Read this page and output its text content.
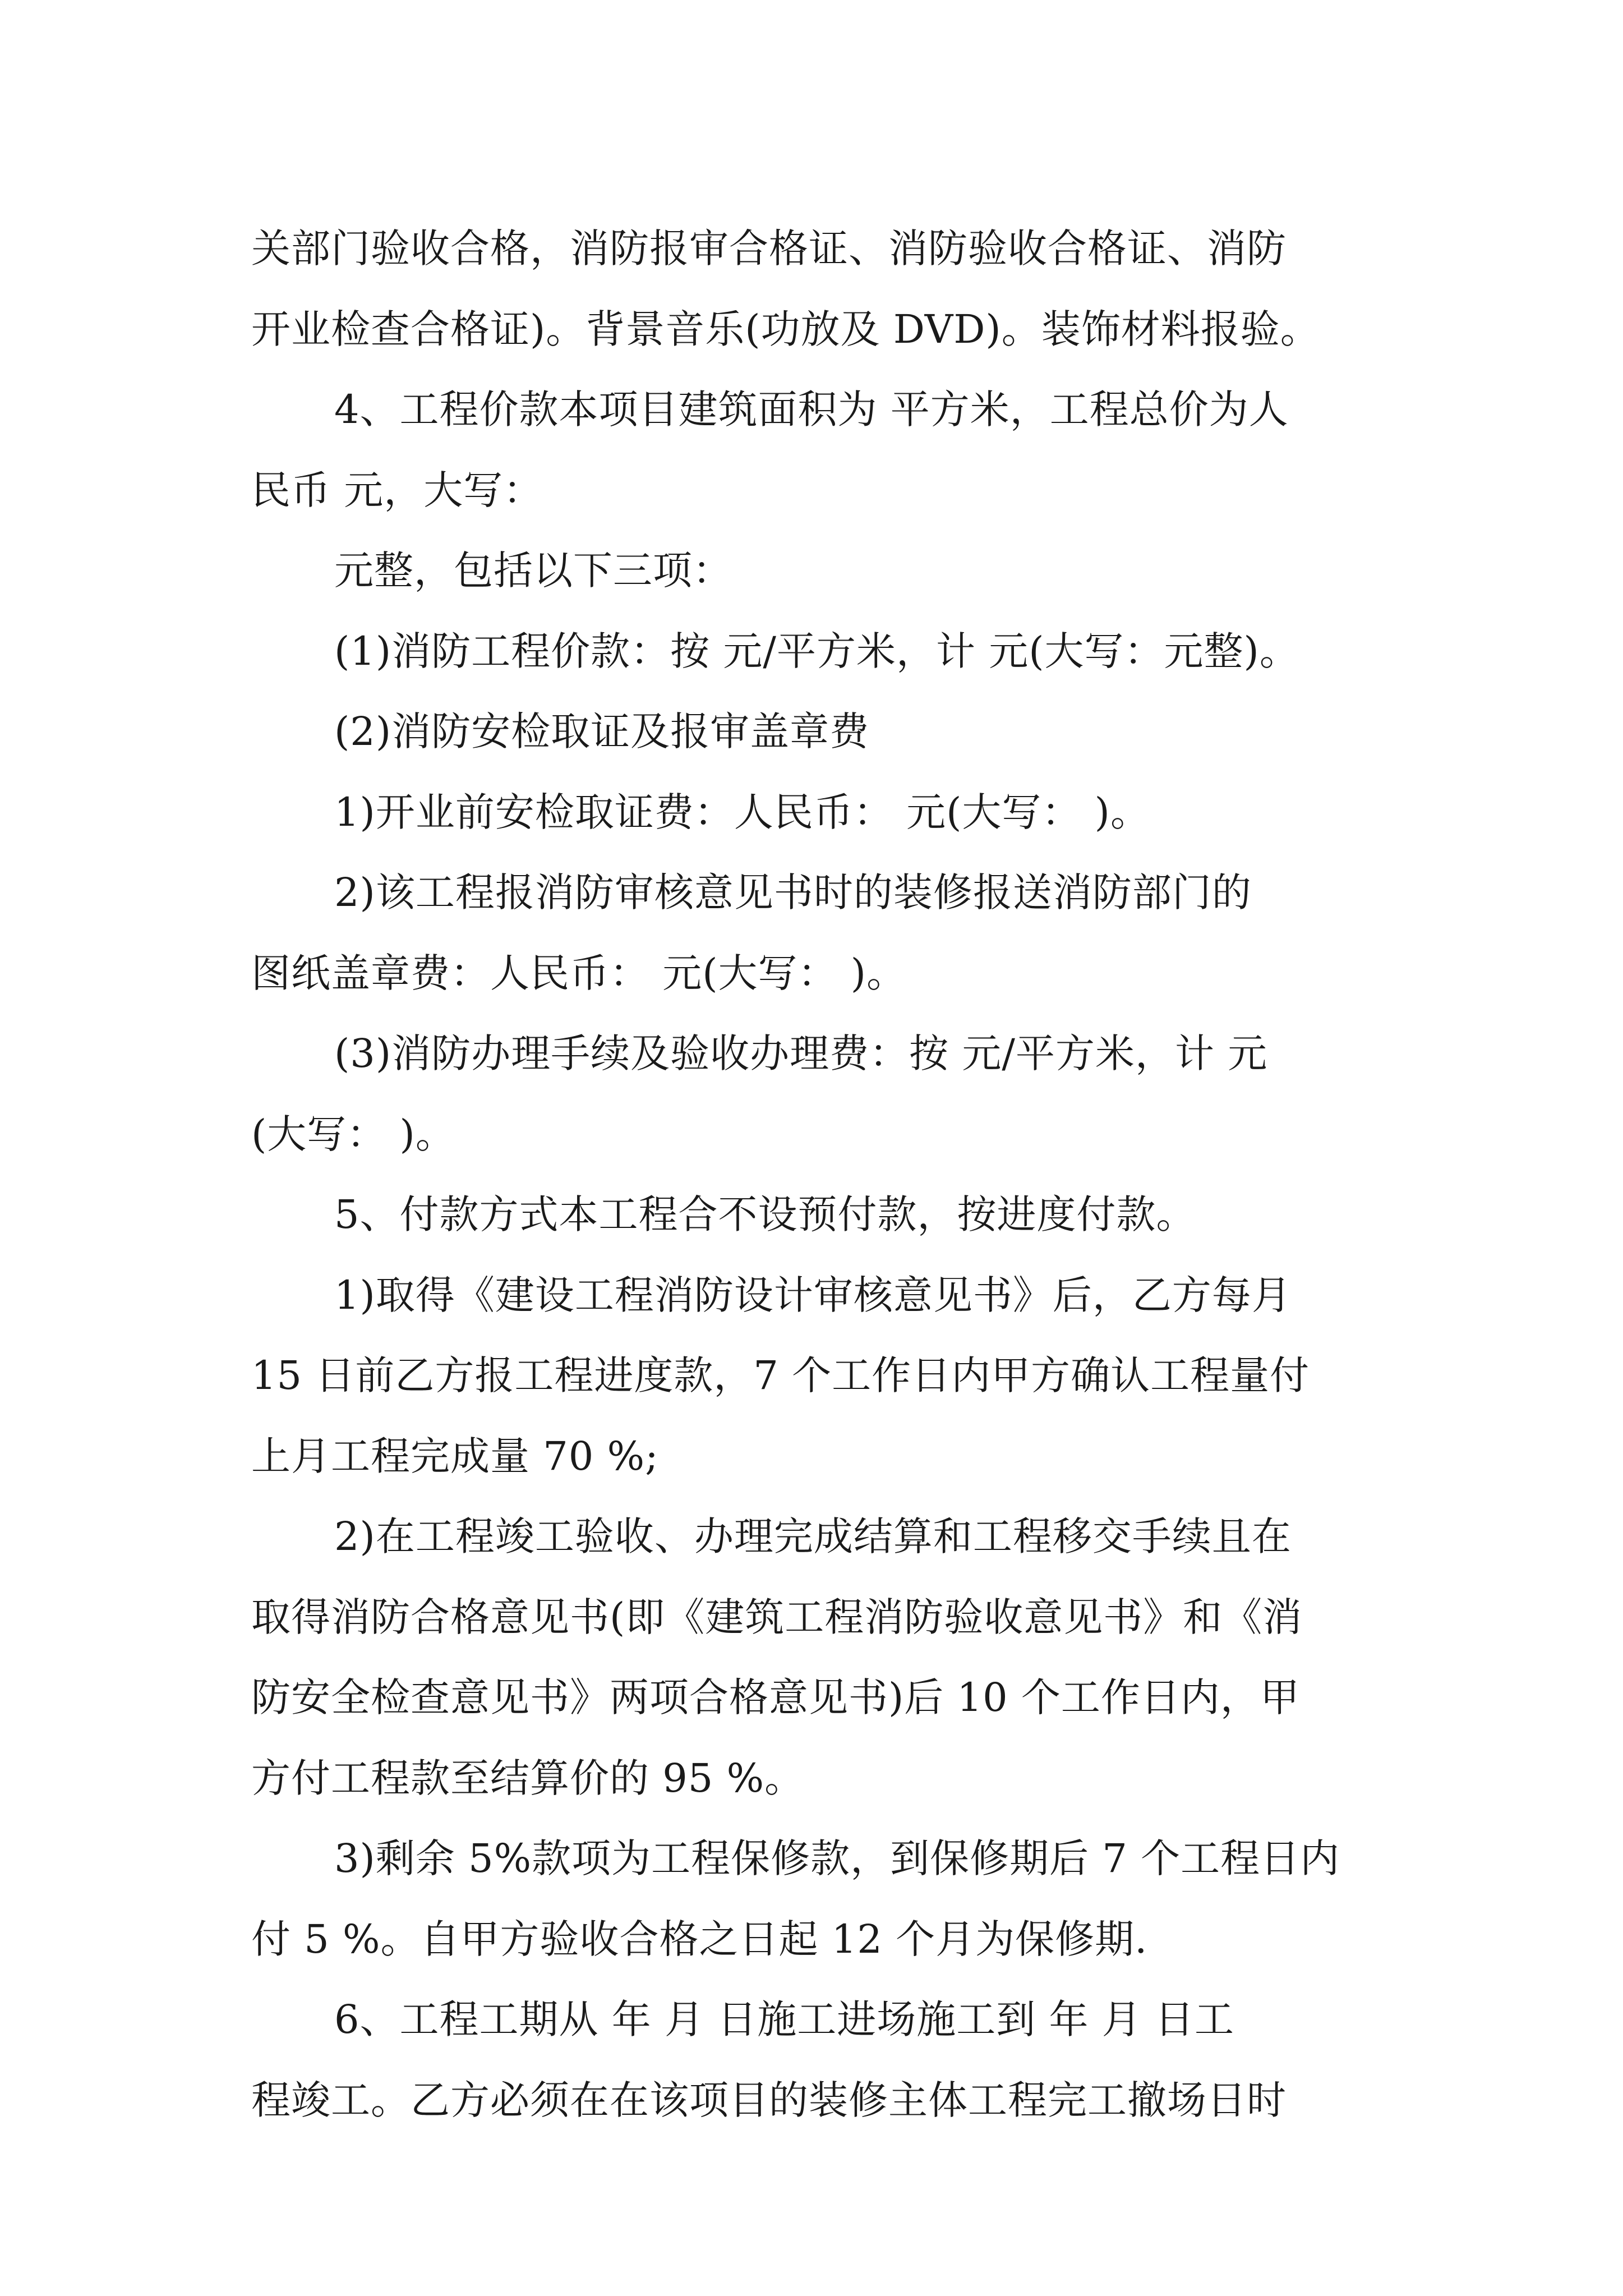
关部门验收合格，消防报审合格证、消防验收合格证、消防
开业检查合格证)。背景音乐(功放及 DVD)。装饰材料报验。
4、工程价款本项目建筑面积为 平方米，工程总价为人
民币 元，大写：
元整，包括以下三项：
(1)消防工程价款：按 元/平方米，计 元(大写：元整)。
(2)消防安检取证及报审盖章费
1)开业前安检取证费：人民币： 元(大写： )。
2)该工程报消防审核意见书时的装修报送消防部门的
图纸盖章费：人民币： 元(大写： )。
(3)消防办理手续及验收办理费：按 元/平方米，计 元
(大写： )。
5、付款方式本工程合不设预付款，按进度付款。
1)取得《建设工程消防设计审核意见书》后，乙方每月
15 日前乙方报工程进度款，7 个工作日内甲方确认工程量付
上月工程完成量 70 %;
2)在工程竣工验收、办理完成结算和工程移交手续且在
取得消防合格意见书(即《建筑工程消防验收意见书》和《消
防安全检查意见书》两项合格意见书)后 10 个工作日内，甲
方付工程款至结算价的 95 %。
3)剩余 5%款项为工程保修款，到保修期后 7 个工程日内
付 5 %。自甲方验收合格之日起 12 个月为保修期.
6、工程工期从 年 月 日施工进场施工到 年 月 日工
程竣工。乙方必须在在该项目的装修主体工程完工撤场日时
